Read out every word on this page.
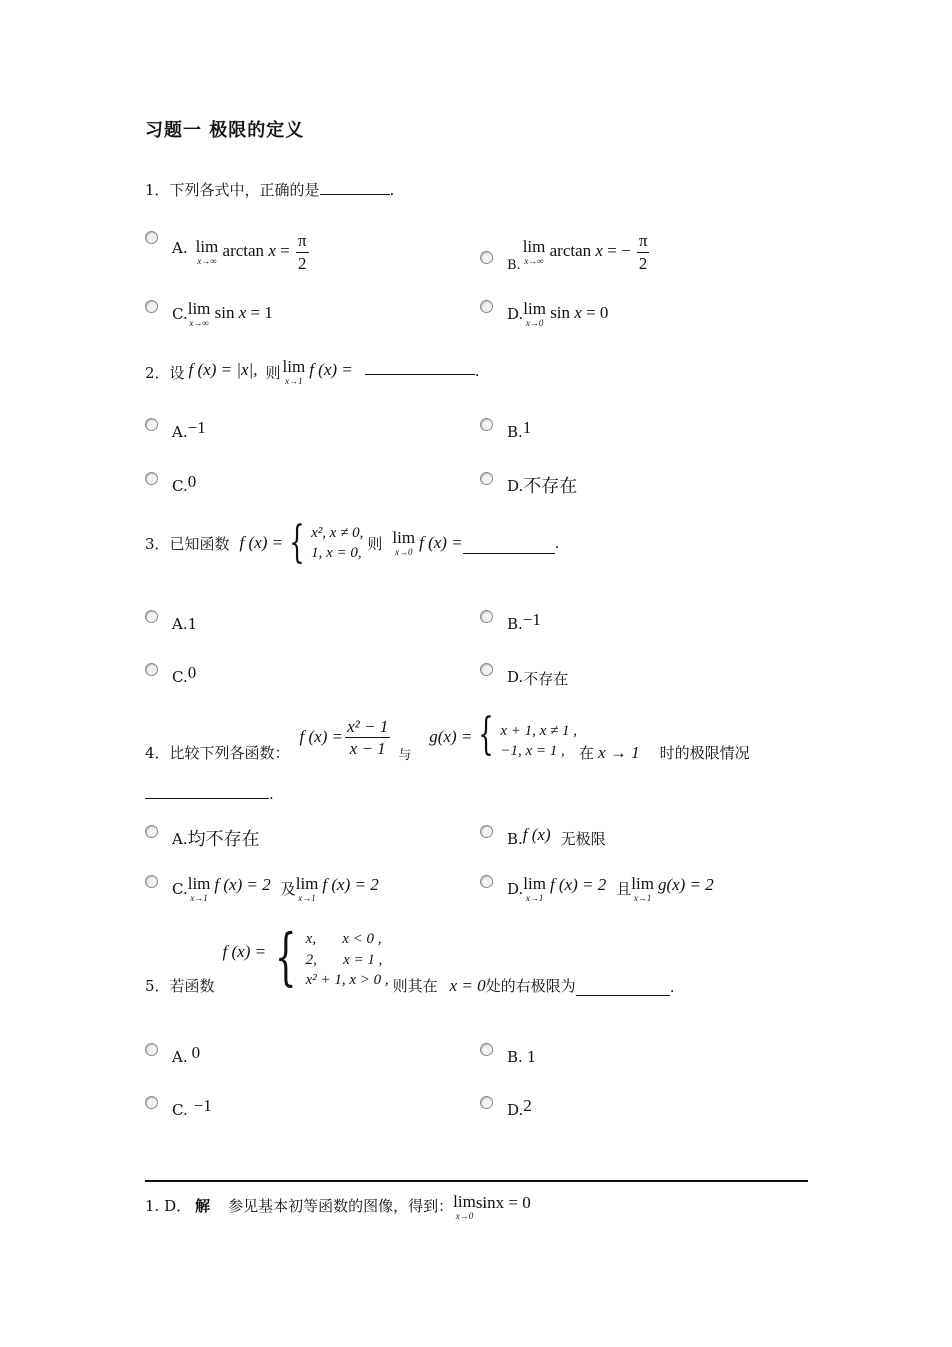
习题一 极限的定义
1．下列各式中，正确的是	.
A. lim
x→∞
$\arctan x = \frac{\pi}{2}$	B.
lim
x→∞
arctan x = − $\frac{\pi}{2}$
C. lim
x→∞
sin x = 1	D. lim
x→0
sin x = 0
2．设 f (x) = |x|, 则 lim
x→1
f (x) =	.
A. −1	B. 1
C. 0	D. 不存在
3．已知函数 f (x) = { x², x ≠ 0,
1, x = 0,
则 lim
x→0 f (x) =	.
A. 1	B. −1
C. 0	D. 不存在
4．比较下列各函数：
f $(x) = \frac{\text{x² − 1}}{x - 1}$ 与
g(x) = { x + 1, x ≠ 1 ,
−1, x = 1 , 在 x → 1 时的极限情况
.
A. 均不存在	B. f (x) 无极限
C. lim
x→1
f (x) = 2 及 lim
x→1
f (x) = 2	D. lim
x→1
f (x) = 2 且 lim
x→1
g(x) = 2
5．若函数
f (x) = { x,       x < 0 ,
2,       x = 1 ,
x² + 1, x > 0 , 则其在 x = 0 处的右极限为	.
A. 0	B. 1
C. −1	D. 2
1. D． 解 参见基本初等函数的图像，得到： lim
x→0
sinx = 0
